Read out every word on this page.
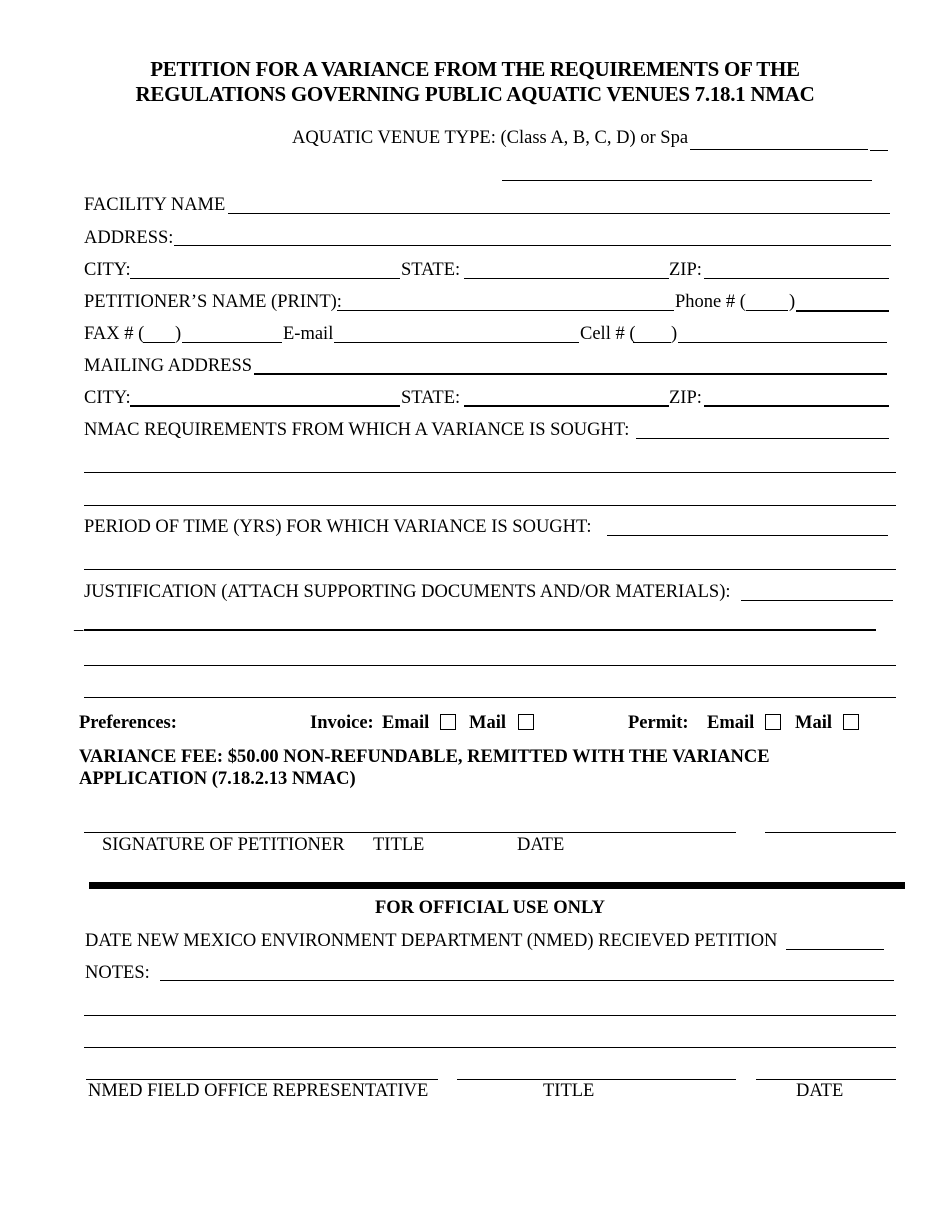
PETITION FOR A VARIANCE FROM THE REQUIREMENTS OF THE
REGULATIONS GOVERNING PUBLIC AQUATIC VENUES 7.18.1 NMAC
AQUATIC VENUE TYPE: (Class A, B, C, D) or Spa
FACILITY NAME
ADDRESS:
CITY:	STATE:	ZIP:
PETITIONER’S NAME (PRINT):	Phone # ( )
FAX # ( )	E-mail	Cell # ( )
MAILING ADDRESS
CITY:	STATE:	ZIP:
NMAC REQUIREMENTS FROM WHICH A VARIANCE IS SOUGHT:
PERIOD OF TIME (YRS) FOR WHICH VARIANCE IS SOUGHT:
JUSTIFICATION (ATTACH SUPPORTING DOCUMENTS AND/OR MATERIALS):
–
Preferences:	Invoice: Email Mail	Permit: Email Mail
VARIANCE FEE: $50.00 NON-REFUNDABLE, REMITTED WITH THE VARIANCE
APPLICATION (7.18.2.13 NMAC)
SIGNATURE OF PETITIONER TITLE	DATE
FOR OFFICIAL USE ONLY
DATE NEW MEXICO ENVIRONMENT DEPARTMENT (NMED) RECIEVED PETITION
NOTES:
NMED FIELD OFFICE REPRESENTATIVE	TITLE	DATE
